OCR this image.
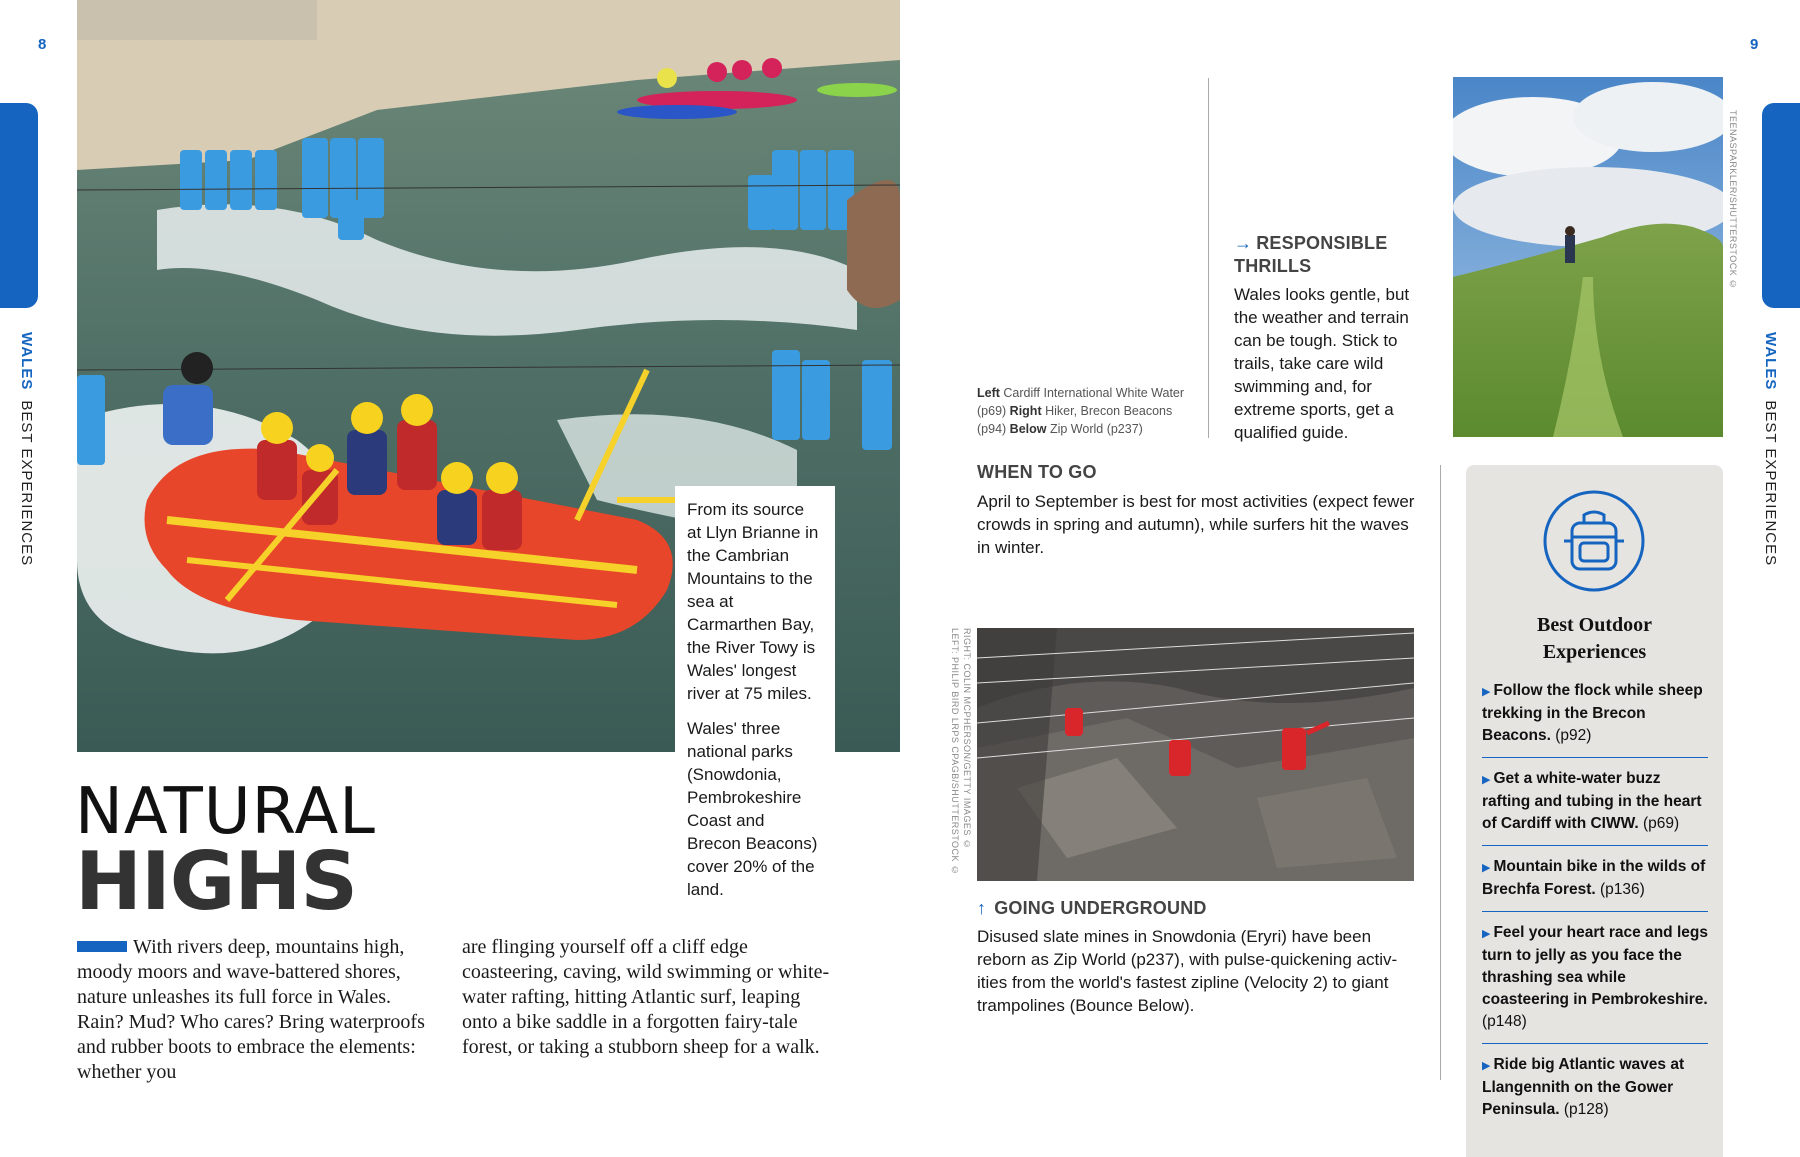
8
WALESBEST EXPERIENCES	From its source at Llyn Brianne in the Cambrian Mountains to the sea at Carmarthen Bay, the River Towy is Wales' longest river at 75 miles.

Wales' three national parks (Snowdonia, Pembrokeshire Coast and Brecon Beacons) cover 20% of the land.

NATURAL
HIGHS
With rivers deep, mountains high, moody moors and wave-battered shores, nature unleashes its full force in Wales. Rain? Mud? Who cares? Bring waterproofs and rubber boots to embrace the elements: whether you
are flinging yourself off a cliff edge coasteering, caving, wild swimming or white-water rafting, hitting Atlantic surf, leaping onto a bike saddle in a forgotten fairy-tale forest, or taking a stubborn sheep for a walk.
9
WALESBEST EXPERIENCES
Left Cardiff International White Water (p69) Right Hiker, Brecon Beacons (p94) Below Zip World (p237)
→ RESPONSIBLE THRILLS
Wales looks gentle, but the weather and terrain can be tough. Stick to trails, take care wild swimming and, for extreme sports, get a qualified guide.
TEENASPARKLER/SHUTTERSTOCK ©
WHEN TO GO
April to September is best for most activities (expect fewer crowds in spring and autumn), while surfers hit the waves in winter.
RIGHT: COLIN MCPHERSON/GETTY IMAGES ©
LEFT: PHILIP BIRD LRPS CPAGB/SHUTTERSTOCK ©
↑ GOING UNDERGROUND
Disused slate mines in Snowdonia (Eryri) have been reborn as Zip World (p237), with pulse-quickening activ-ities from the world's fastest zipline (Velocity 2) to giant trampolines (Bounce Below).
Best Outdoor Experiences
▶ Follow the flock while sheep trekking in the Brecon Beacons. (p92)
▶ Get a white-water buzz rafting and tubing in the heart of Cardiff with CIWW. (p69)
▶ Mountain bike in the wilds of Brechfa Forest. (p136)
▶ Feel your heart race and legs turn to jelly as you face the thrashing sea while coasteering in Pembrokeshire. (p148)
▶ Ride big Atlantic waves at Llangennith on the Gower Peninsula. (p128)
